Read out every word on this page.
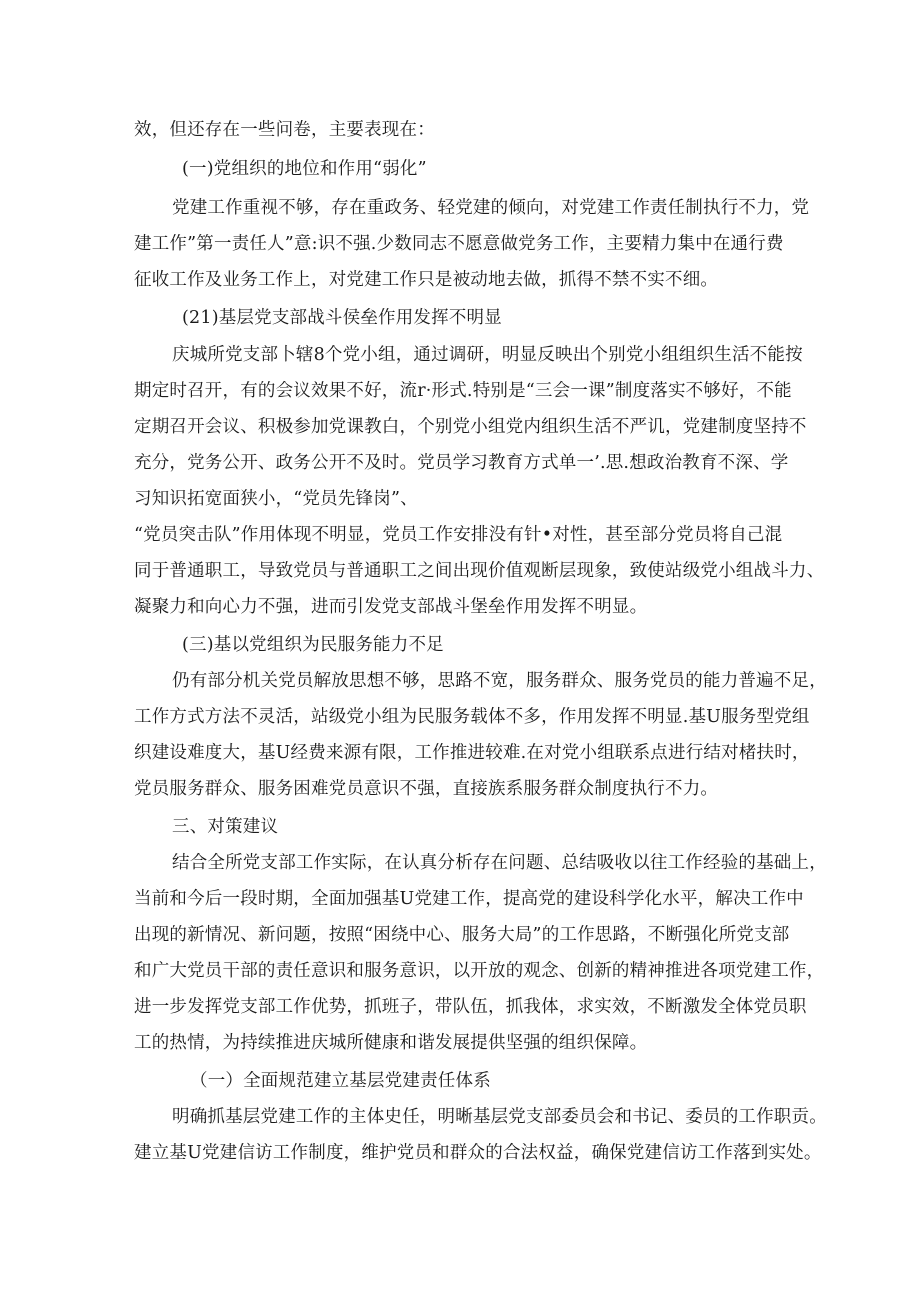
效，但还存在一些问卷，主要表现在：
(一)党组织的地位和作用“弱化”
党建工作重视不够，存在重政务、轻党建的倾向，对党建工作责任制执行不力，党
建工作”第一责任人”意:识不强.少数同志不愿意做党务工作，主要精力集中在通行费
征收工作及业务工作上，对党建工作只是被动地去做，抓得不禁不实不细。
(21)基层党支部战斗侯垒作用发挥不明显
庆城所党支部卜辖8个党小组，通过调研，明显反映出个别党小组组织生活不能按
期定时召开，有的会议效果不好，流r·形式.特别是“三会一课”制度落实不够好，不能
定期召开会议、积极参加党课教白，个别党小组党内组织生活不严讥，党建制度坚持不
充分，党务公开、政务公开不及时。党员学习教育方式单一’.思.想政治教育不深、学
习知识拓宽面狭小，“党员先锋岗”、
“党员突击队”作用体现不明显，党员工作安排没有针•对性，甚至部分党员将自己混
同于普通职工，导致党员与普通职工之间出现价值观断层现象，致使站级党小组战斗力、
凝聚力和向心力不强，进而引发党支部战斗堡垒作用发挥不明显。
(三)基以党组织为民服务能力不足
仍有部分机关党员解放思想不够，思路不宽，服务群众、服务党员的能力普遍不足，
工作方式方法不灵活，站级党小组为民服务载体不多，作用发挥不明显.基U服务型党组
织建设难度大，基U经费来源有限，工作推进较难.在对党小组联系点进行结对楮扶时，
党员服务群众、服务困难党员意识不强，直接族系服务群众制度执行不力。
三、对策建议
结合全所党支部工作实际，在认真分析存在问题、总结吸收以往工作经验的基础上，
当前和今后一段时期，全面加强基U党建工作，提高党的建设科学化水平，解决工作中
出现的新情况、新问题，按照“困绕中心、服务大局”的工作思路，不断强化所党支部
和广大党员干部的责任意识和服务意识，以开放的观念、创新的精神推进各项党建工作，
进一步发挥党支部工作优势，抓班子，带队伍，抓我体，求实效，不断激发全体党员职
工的热情，为持续推进庆城所健康和谐发展提供坚强的组织保障。
（一）全面规范建立基层党建责任体系
明确抓基层党建工作的主体史任，明晰基层党支部委员会和书记、委员的工作职贡。
建立基U党建信访工作制度，维护党员和群众的合法权益，确保党建信访工作落到实处。
